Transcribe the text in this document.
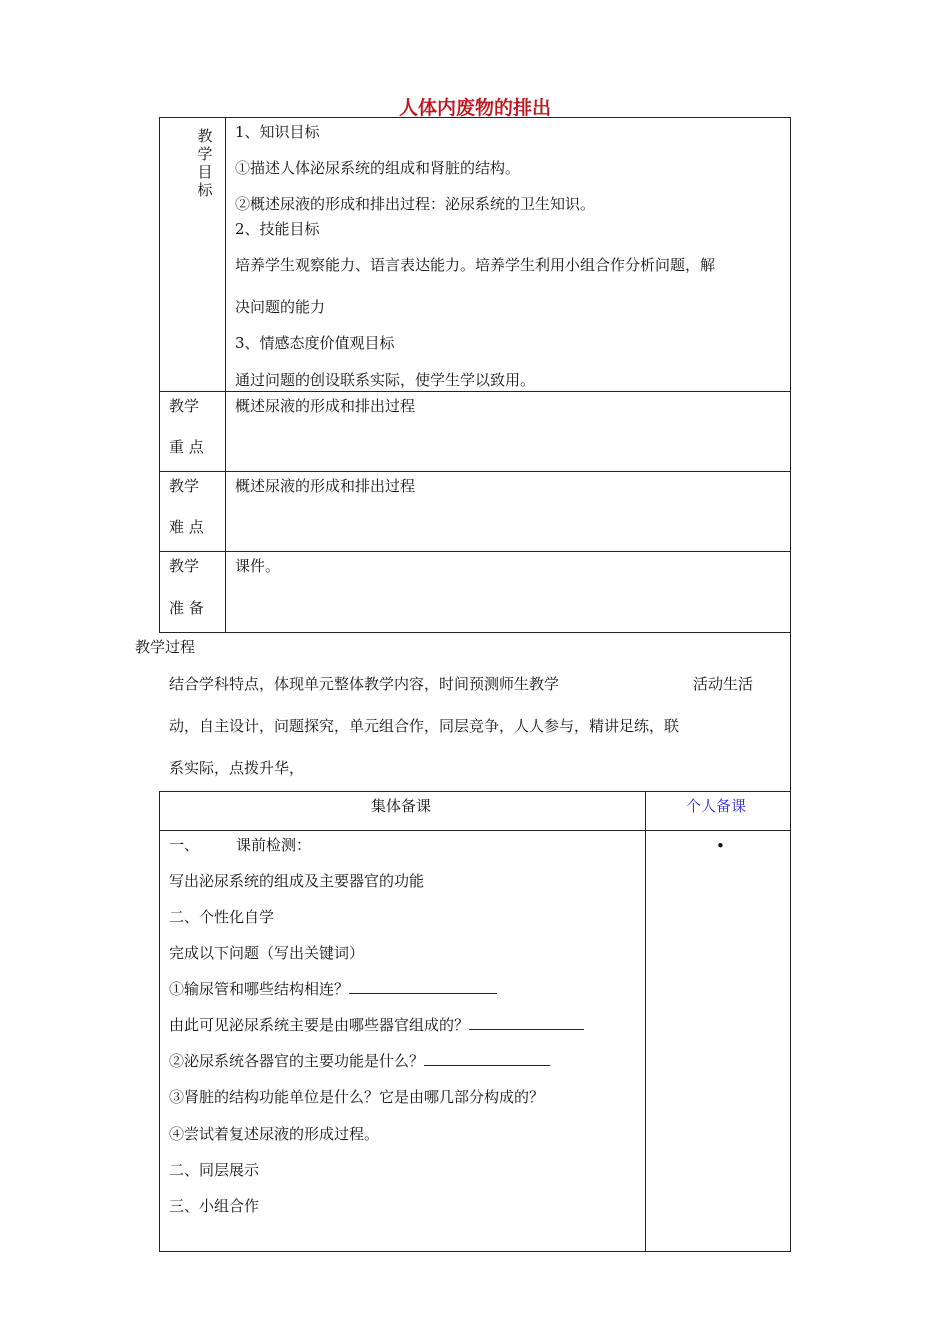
人体内废物的排出
教
学
目
标
1、知识目标
①描述人体泌尿系统的组成和肾脏的结构。
②概述尿液的形成和排出过程：泌尿系统的卫生知识。
2、技能目标
培养学生观察能力、语言表达能力。培养学生利用小组合作分析问题，解
决问题的能力
3、情感态度价值观目标
通过问题的创设联系实际，使学生学以致用。
教学
重 点
概述尿液的形成和排出过程
教学
难 点
概述尿液的形成和排出过程
教学
准 备
课件。
教学过程
结合学科特点，体现单元整体教学内容，时间预测师生教学	活动生活
动，自主设计，问题探究，单元组合作，同层竞争，人人参与，精讲足练，联
系实际，点拨升华，
集体备课	个人备课
•
一、 课前检测：
写出泌尿系统的组成及主要器官的功能
二、个性化自学
完成以下问题（写出关键词）
①输尿管和哪些结构相连？
由此可见泌尿系统主要是由哪些器官组成的？
②泌尿系统各器官的主要功能是什么？
③肾脏的结构功能单位是什么？它是由哪几部分构成的？
④尝试着复述尿液的形成过程。
二、同层展示
三、小组合作
